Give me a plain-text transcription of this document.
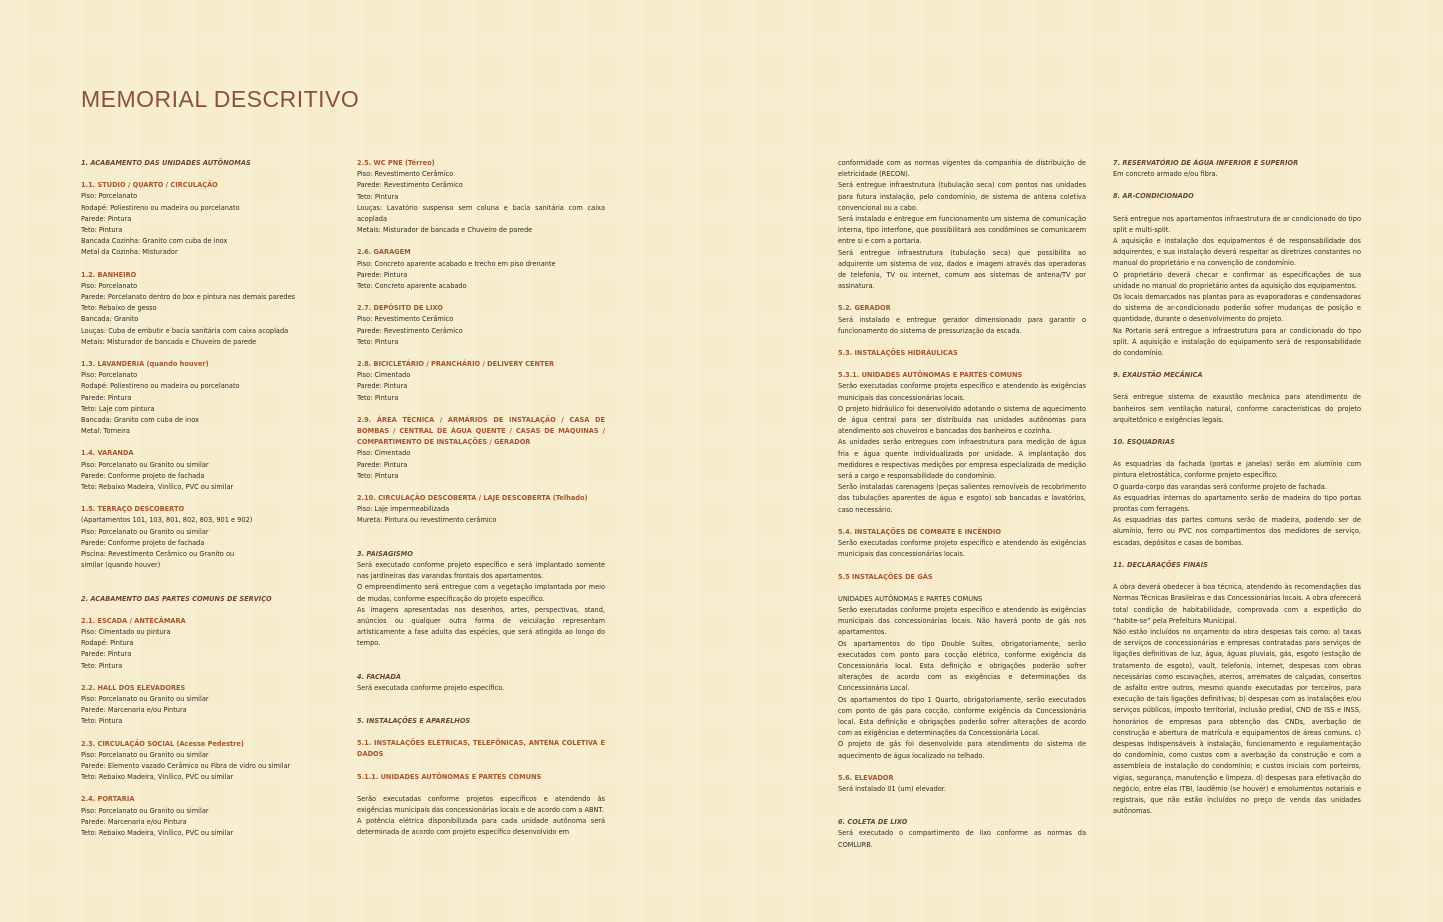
MEMORIAL DESCRITIVO

1. ACABAMENTO DAS UNIDADES AUTÔNOMAS

1.1. STUDIO / QUARTO / CIRCULAÇÃO

Piso: Porcelanato

Rodapé: Poliestireno ou madeira ou porcelanato

Parede: Pintura

Teto: Pintura

Bancada Cozinha: Granito com cuba de inox

Metal da Cozinha: Misturador

1.2. BANHEIRO

Piso: Porcelanato

Parede: Porcelanato dentro do box e pintura nas demais paredes

Teto: Rebaixo de gesso

Bancada: Granito

Louças: Cuba de embutir e bacia sanitária com caixa acoplada

Metais: Misturador de bancada e Chuveiro de parede

1.3. LAVANDERIA (quando houver)

Piso: Porcelanato

Rodapé: Poliestireno ou madeira ou porcelanato

Parede: Pintura

Teto: Laje com pintura

Bancada: Granito com cuba de inox

Metal: Torneira

1.4. VARANDA

Piso: Porcelanato ou Granito ou similar

Parede: Conforme projeto de fachada

Teto: Rebaixo Madeira, Vinílico, PVC ou similar

1.5. TERRAÇO DESCOBERTO

(Apartamentos 101, 103, 801, 802, 803, 901 e 902)

Piso: Porcelanato ou Granito ou similar

Parede: Conforme projeto de fachada

Piscina: Revestimento Cerâmico ou Granito ou

similar (quando houver)

2. ACABAMENTO DAS PARTES COMUNS DE SERVIÇO

2.1. ESCADA / ANTECÂMARA

Piso: Cimentado ou pintura

Rodapé: Pintura

Parede: Pintura

Teto: Pintura

2.2. HALL DOS ELEVADORES

Piso: Porcelanato ou Granito ou similar

Parede: Marcenaria e/ou Pintura

Teto: Pintura

2.3. CIRCULAÇÃO SOCIAL (Acesso Pedestre)

Piso: Porcelanato ou Granito ou similar

Parede: Elemento vazado Cerâmico ou Fibra de vidro ou similar

Teto: Rebaixo Madeira, Vinílico, PVC ou similar

2.4. PORTARIA

Piso: Porcelanato ou Granito ou similar

Parede: Marcenaria e/ou Pintura

Teto: Rebaixo Madeira, Vinílico, PVC ou similar

2.5. WC PNE (Térreo)

Piso: Revestimento Cerâmico

Parede: Revestimento Cerâmico

Teto: Pintura

Louças: Lavatório suspenso sem coluna e bacia sanitária com caixa acoplada

Metais: Misturador de bancada e Chuveiro de parede

2.6. GARAGEM

Piso: Concreto aparente acabado e trecho em piso drenante

Parede: Pintura

Teto: Concreto aparente acabado

2.7. DEPÓSITO DE LIXO

Piso: Revestimento Cerâmico

Parede: Revestimento Cerâmico

Teto: Pintura

2.8. BICICLETÁRIO / PRANCHÁRIO / DELIVERY CENTER

Piso: Cimentado

Parede: Pintura

Teto: Pintura

2.9. ÁREA TÉCNICA / ARMÁRIOS DE INSTALAÇÃO / CASA DE BOMBAS / CENTRAL DE ÁGUA QUENTE / CASAS DE MÁQUINAS / COMPARTIMENTO DE INSTALAÇÕES / GERADOR

Piso: Cimentado

Parede: Pintura

Teto: Pintura

2.10. CIRCULAÇÃO DESCOBERTA / LAJE DESCOBERTA (Telhado)

Piso: Laje impermeabilizada

Mureta: Pintura ou revestimento cerâmico

3. PAISAGISMO

Será executado conforme projeto específico e será implantado somente nas jardineiras das varandas frontais dos apartamentos.

O empreendimento será entregue com a vegetação implantada por meio de mudas, conforme especificação do projeto específico.

As imagens apresentadas nos desenhos, artes, perspectivas, stand, anúncios ou qualquer outra forma de veiculação representam artisticamente a fase adulta das espécies, que será atingida ao longo do tempo.

4. FACHADA

Será executada conforme projeto específico.

5. INSTALAÇÕES E APARELHOS

5.1. INSTALAÇÕES ELÉTRICAS, TELEFÔNICAS, ANTENA COLETIVA E DADOS

5.1.1. UNIDADES AUTÔNOMAS E PARTES COMUNS

Serão executadas conforme projetos específicos e atendendo às exigências municipais das concessionárias locais e de acordo com a ABNT.

A potência elétrica disponibilizada para cada unidade autônoma será determinada de acordo com projeto específico desenvolvido em

conformidade com as normas vigentes da companhia de distribuição de eletricidade (RECON).

Será entregue infraestrutura (tubulação seca) com pontos nas unidades para futura instalação, pelo condomínio, de sistema de antena coletiva convencional ou a cabo.

Será instalado e entregue em funcionamento um sistema de comunicação interna, tipo interfone, que possibilitará aos condôminos se comunicarem entre si e com a portaria.

Será entregue infraestrutura (tubulação seca) que possibilita ao adquirente um sistema de voz, dados e imagem através das operadoras de telefonia, TV ou internet, comum aos sistemas de antena/TV por assinatura.

5.2. GERADOR

Será instalado e entregue gerador dimensionado para garantir o funcionamento do sistema de pressurização da escada.

5.3. INSTALAÇÕES HIDRÁULICAS

5.3.1. UNIDADES AUTÔNOMAS E PARTES COMUNS

Serão executadas conforme projeto específico e atendendo às exigências municipais das concessionárias locais.

O projeto hidráulico foi desenvolvido adotando o sistema de aquecimento de água central para ser distribuída nas unidades autônomas para atendimento aos chuveiros e bancadas dos banheiros e cozinha.

As unidades serão entregues com infraestrutura para medição de água fria e água quente individualizada por unidade. A implantação dos medidores e respectivas medições por empresa especializada de medição será a cargo e responsabilidade do condomínio.

Serão instaladas carenagens (peças salientes removíveis de recobrimento das tubulações aparentes de água e esgoto) sob bancadas e lavatórios, caso necessário.

5.4. INSTALAÇÕES DE COMBATE E INCÊNDIO

Serão executadas conforme projeto específico e atendendo às exigências municipais das concessionárias locais.

5.5 INSTALAÇÕES DE GÁS

UNIDADES AUTÔNOMAS E PARTES COMUNS

Serão executadas conforme projeto específico e atendendo às exigências municipais das concessionárias locais. Não haverá ponto de gás nos apartamentos.

Os apartamentos do tipo Double Suítes, obrigatoriamente, serão executados com ponto para cocção elétrico, conforme exigência da Concessionária local. Esta definição e obrigações poderão sofrer alterações de acordo com as exigências e determinações da Concessionária Local.

Os apartamentos do tipo 1 Quarto, obrigatoriamente, serão executados com ponto de gás para cocção, conforme exigência da Concessionária local. Esta definição e obrigações poderão sofrer alterações de acordo com as exigências e determinações da Concessionária Local.

O projeto de gás foi desenvolvido para atendimento do sistema de aquecimento de água localizado no telhado.

5.6. ELEVADOR

Será instalado 01 (um) elevador.

6. COLETA DE LIXO

Será executado o compartimento de lixo conforme as normas da COMLURB.

7. RESERVATÓRIO DE ÁGUA INFERIOR E SUPERIOR

Em concreto armado e/ou fibra.

8. AR-CONDICIONADO

Será entregue nos apartamentos infraestrutura de ar condicionado do tipo split e multi-split.

A aquisição e instalação dos equipamentos é de responsabilidade dos adquirentes, e sua instalação deverá respeitar as diretrizes constantes no manual do proprietário e na convenção de condomínio.

O proprietário deverá checar e confirmar as especificações de sua unidade no manual do proprietário antes da aquisição dos equipamentos.

Os locais demarcados nas plantas para as evaporadoras e condensadoras do sistema de ar-condicionado poderão sofrer mudanças de posição e quantidade, durante o desenvolvimento do projeto.

Na Portaria será entregue a infraestrutura para ar condicionado do tipo split. A aquisição e instalação do equipamento será de responsabilidade do condomínio.

9. EXAUSTÃO MECÂNICA

Será entregue sistema de exaustão mecânica para atendimento de banheiros sem ventilação natural, conforme características do projeto arquitetônico e exigências legais.

10. ESQUADRIAS

As esquadrias da fachada (portas e janelas) serão em alumínio com pintura eletrostática, conforme projeto específico.

O guarda-corpo das varandas será conforme projeto de fachada.

As esquadrias internas do apartamento serão de madeira do tipo portas prontas com ferragens.

As esquadrias das partes comuns serão de madeira, podendo ser de alumínio, ferro ou PVC nos compartimentos dos medidores de serviço, escadas, depósitos e casas de bombas.

11. DECLARAÇÕES FINAIS

A obra deverá obedecer à boa técnica, atendendo às recomendações das Normas Técnicas Brasileiras e das Concessionárias locais. A obra oferecerá total condição de habitabilidade, comprovada com a expedição do “habite-se” pela Prefeitura Municipal.

Não estão incluídos no orçamento da obra despesas tais como: a) taxas de serviços de concessionárias e empresas contratadas para serviços de ligações definitivas de luz, água, águas pluviais, gás, esgoto (estação de tratamento de esgoto), vault, telefonia, internet, despesas com obras necessárias como escavações, aterros, arremates de calçadas, consertos de asfalto entre outros, mesmo quando executadas por terceiros, para execução de tais ligações definitivas; b) despesas com as instalações e/ou serviços públicos, imposto territorial, inclusão predial, CND de ISS e INSS, honorários de empresas para obtenção das CNDs, averbação de construção e abertura de matrícula e equipamentos de áreas comuns. c) despesas indispensáveis à instalação, funcionamento e regulamentação do condomínio, como custos com a averbação da construção e com a assembleia de instalação do condomínio; e custos iniciais com porteiros, vigias, segurança, manutenção e limpeza. d) despesas para efetivação do negócio, entre elas ITBI, laudêmio (se houver) e emolumentos notariais e registrais, que não estão incluídos no preço de venda das unidades autônomas.
